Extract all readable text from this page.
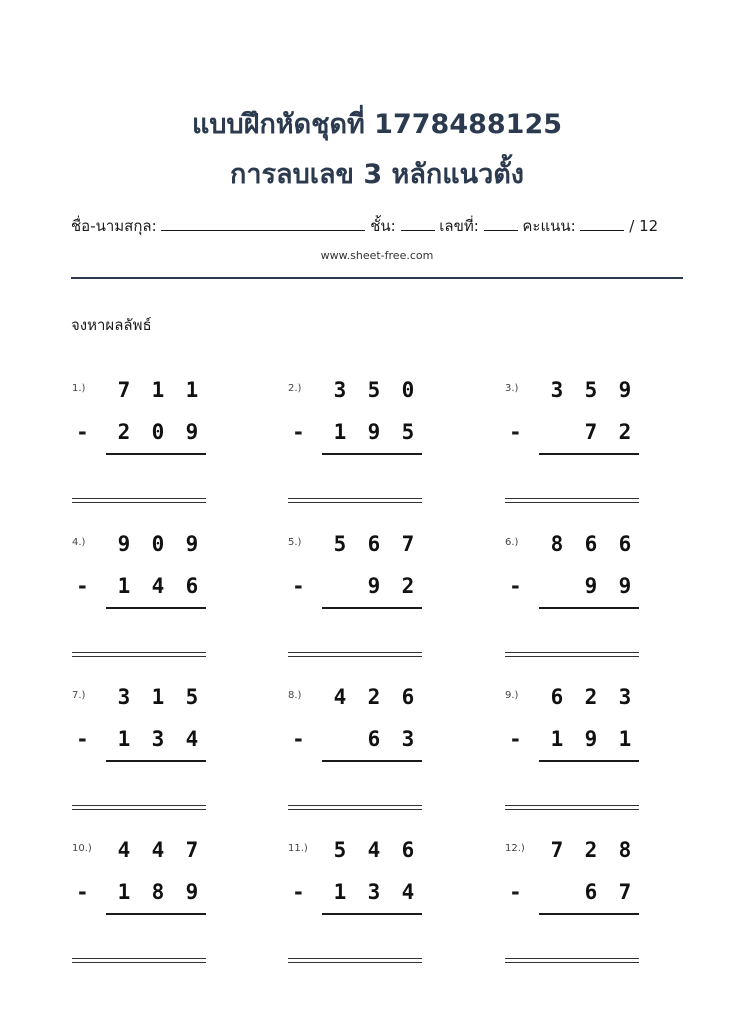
แบบฝึกหัดชุดที่ 1778488125
การลบเลข 3 หลักแนวตั้ง
ชื่อ-นามสกุล:	ชั้น:	เลขที่:	คะแนน:	/ 12
www.sheet-free.com
จงหาผลลัพธ์
1.) 7 1 1
2 0 9
-
2.) 3 5 0
1 9 5
-
3.) 3 5 9
7 2
-
4.) 9 0 9
1 4 6
-
5.) 5 6 7
9 2
-
6.) 8 6 6
9 9
-
7.) 3 1 5
1 3 4
-
8.) 4 2 6
6 3
-
9.) 6 2 3
1 9 1
-
10.) 4 4 7
1 8 9
-
11.) 5 4 6
1 3 4
-
12.) 7 2 8
6 7
-
